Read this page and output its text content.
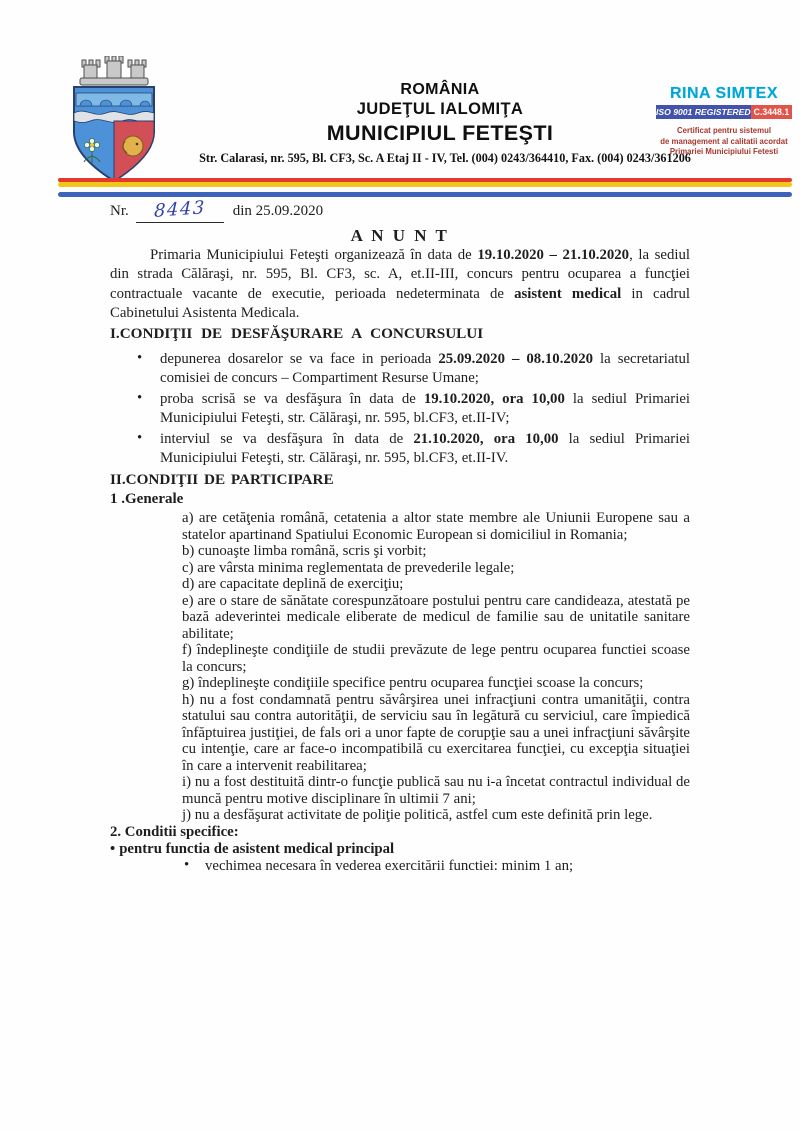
ROMÂNIA
JUDEŢUL IALOMIŢA
MUNICIPIUL FETEŞTI
Str. Calarasi, nr. 595, Bl. CF3, Sc. A Etaj II - IV, Tel. (004) 0243/364410, Fax. (004) 0243/361206
RINA SIMTEX
ISO 9001 REGISTERED C.3448.1
Certificat pentru sistemul
de management al calitatii acordat
Primariei Municipiului Fetesti
Nr. 8443 din 25.09.2020

A N U N T

Primaria Municipiului Feteşti organizează în data de 19.10.2020 – 21.10.2020, la sediul din strada Călăraşi, nr. 595, Bl. CF3, sc. A, et.II-III, concurs pentru ocuparea a funcţiei contractuale vacante de executie, perioada nedeterminata de asistent medical in cadrul Cabinetului Asistenta Medicala.

I.CONDIŢII DE DESFĂŞURARE A CONCURSULUI

• depunerea dosarelor se va face in perioada 25.09.2020 – 08.10.2020 la secretariatul comisiei de concurs – Compartiment Resurse Umane;
• proba scrisă se va desfăşura în data de 19.10.2020, ora 10,00 la sediul Primariei Municipiului Feteşti, str. Călăraşi, nr. 595, bl.CF3, et.II-IV;
• interviul se va desfăşura în data de 21.10.2020, ora 10,00 la sediul Primariei Municipiului Feteşti, str. Călăraşi, nr. 595, bl.CF3, et.II-IV.

II.CONDIŢII DE PARTICIPARE

1 .Generale

a) are cetăţenia română, cetatenia a altor state membre ale Uniunii Europene sau a statelor apartinand Spatiului Economic European si domiciliul in Romania;

b) cunoaşte limba română, scris şi vorbit;

c) are vârsta minima reglementata de prevederile legale;

d) are capacitate deplină de exerciţiu;

e) are o stare de sănătate corespunzătoare postului pentru care candideaza, atestată pe bază adeverintei medicale eliberate de medicul de familie sau de unitatile sanitare abilitate;

f) îndeplineşte condiţiile de studii prevăzute de lege pentru ocuparea functiei scoase la concurs;

g) îndeplineşte condiţiile specifice pentru ocuparea funcţiei scoase la concurs;

h) nu a fost condamnată pentru săvârşirea unei infracţiuni contra umanităţii, contra statului sau contra autorităţii, de serviciu sau în legătură cu serviciul, care împiedică înfăptuirea justiţiei, de fals ori a unor fapte de corupţie sau a unei infracţiuni săvârşite cu intenţie, care ar face-o incompatibilă cu exercitarea funcţiei, cu excepţia situaţiei în care a intervenit reabilitarea;

i) nu a fost destituită dintr-o funcţie publică sau nu i-a încetat contractul individual de muncă pentru motive disciplinare în ultimii 7 ani;

j) nu a desfăşurat activitate de poliţie politică, astfel cum este definită prin lege.

2. Conditii specifice:

• pentru functia de asistent medical principal

• vechimea necesara în vederea exercitării functiei: minim 1 an;
